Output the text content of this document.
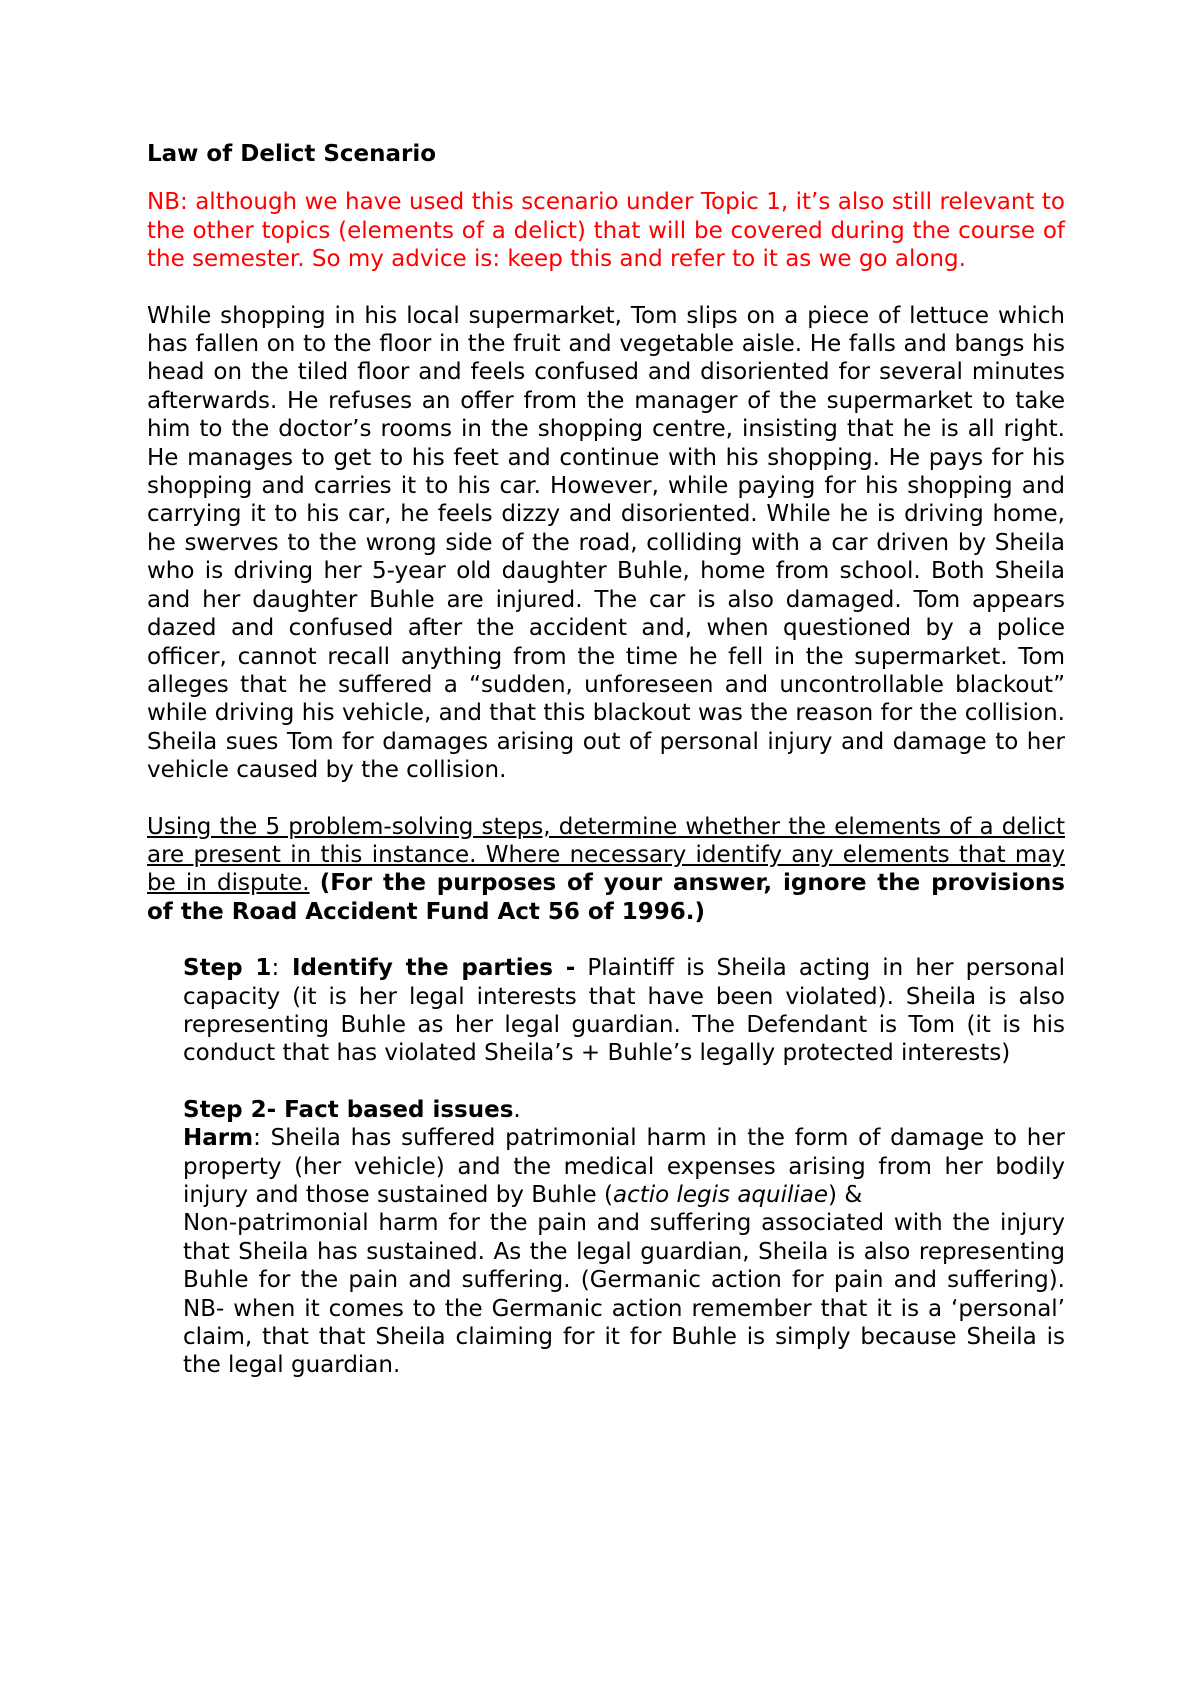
Law of Delict Scenario

NB: although we have used this scenario under Topic 1, it’s also still relevant to the other topics (elements of a delict) that will be covered during the course of the semester. So my advice is: keep this and refer to it as we go along.

While shopping in his local supermarket, Tom slips on a piece of lettuce which has fallen on to the floor in the fruit and vegetable aisle. He falls and bangs his head on the tiled floor and feels confused and disoriented for several minutes afterwards. He refuses an offer from the manager of the supermarket to take him to the doctor’s rooms in the shopping centre, insisting that he is all right. He manages to get to his feet and continue with his shopping. He pays for his shopping and carries it to his car. However, while paying for his shopping and carrying it to his car, he feels dizzy and disoriented. While he is driving home, he swerves to the wrong side of the road, colliding with a car driven by Sheila who is driving her 5-year old daughter Buhle, home from school. Both Sheila and her daughter Buhle are injured. The car is also damaged. Tom appears dazed and confused after the accident and, when questioned by a police officer, cannot recall anything from the time he fell in the supermarket. Tom alleges that he suffered a “sudden, unforeseen and uncontrollable blackout” while driving his vehicle, and that this blackout was the reason for the collision. Sheila sues Tom for damages arising out of personal injury and damage to her vehicle caused by the collision.

Using the 5 problem-solving steps, determine whether the elements of a delict are present in this instance. Where necessary identify any elements that may be in dispute. (For the purposes of your answer, ignore the provisions of the Road Accident Fund Act 56 of 1996.)

Step 1: Identify the parties - Plaintiff is Sheila acting in her personal capacity (it is her legal interests that have been violated). Sheila is also representing Buhle as her legal guardian. The Defendant is Tom (it is his conduct that has violated Sheila’s + Buhle’s legally protected interests)

Step 2- Fact based issues.

Harm: Sheila has suffered patrimonial harm in the form of damage to her property (her vehicle) and the medical expenses arising from her bodily injury and those sustained by Buhle (actio legis aquiliae) &

Non-patrimonial harm for the pain and suffering associated with the injury that Sheila has sustained. As the legal guardian, Sheila is also representing Buhle for the pain and suffering. (Germanic action for pain and suffering). NB- when it comes to the Germanic action remember that it is a ‘personal’ claim, that that Sheila claiming for it for Buhle is simply because Sheila is the legal guardian.
